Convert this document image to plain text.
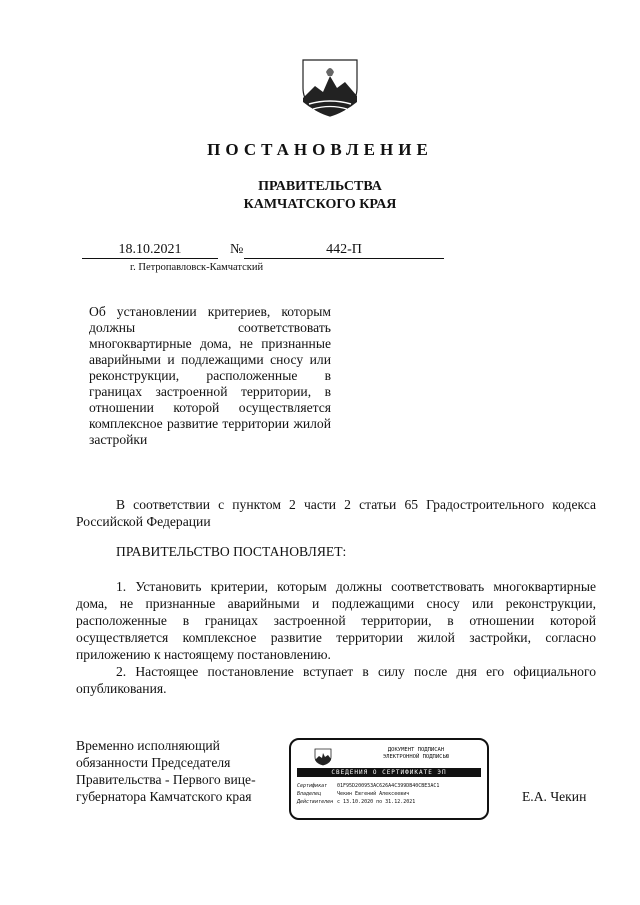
ПОСТАНОВЛЕНИЕ
ПРАВИТЕЛЬСТВА
КАМЧАТСКОГО КРАЯ
18.10.2021	№	442-П
г. Петропавловск-Камчатский
Об установлении критериев, которым должны соответствовать многоквартирные дома, не признанные аварийными и подлежащими сносу или реконструкции, расположенные в границах застроенной территории, в отношении которой осуществляется комплексное развитие территории жилой застройки
В соответствии с пунктом 2 части 2 статьи 65 Градостроительного кодекса Российской Федерации
ПРАВИТЕЛЬСТВО ПОСТАНОВЛЯЕТ:

1. Установить критерии, которым должны соответствовать многоквартирные дома, не признанные аварийными и подлежащими сносу или реконструкции, расположенные в границах застроенной территории, в отношении которой осуществляется комплексное развитие территории жилой застройки, согласно приложению к настоящему постановлению.

2. Настоящее постановление вступает в силу после дня его официального опубликования.

Временно исполняющий обязанности Председателя Правительства - Первого вице-губернатора Камчатского края
ДОКУМЕНТ ПОДПИСАН
ЭЛЕКТРОННОЙ ПОДПИСЬЮ
СВЕДЕНИЯ О СЕРТИФИКАТЕ ЭП
Сертификат	01F95D200953AC626A4C399DB40CBE3AC1
Владелец	Чекин Евгений Алексеевич
Действителен с 13.10.2020 по 31.12.2021	Е.А. Чекин
